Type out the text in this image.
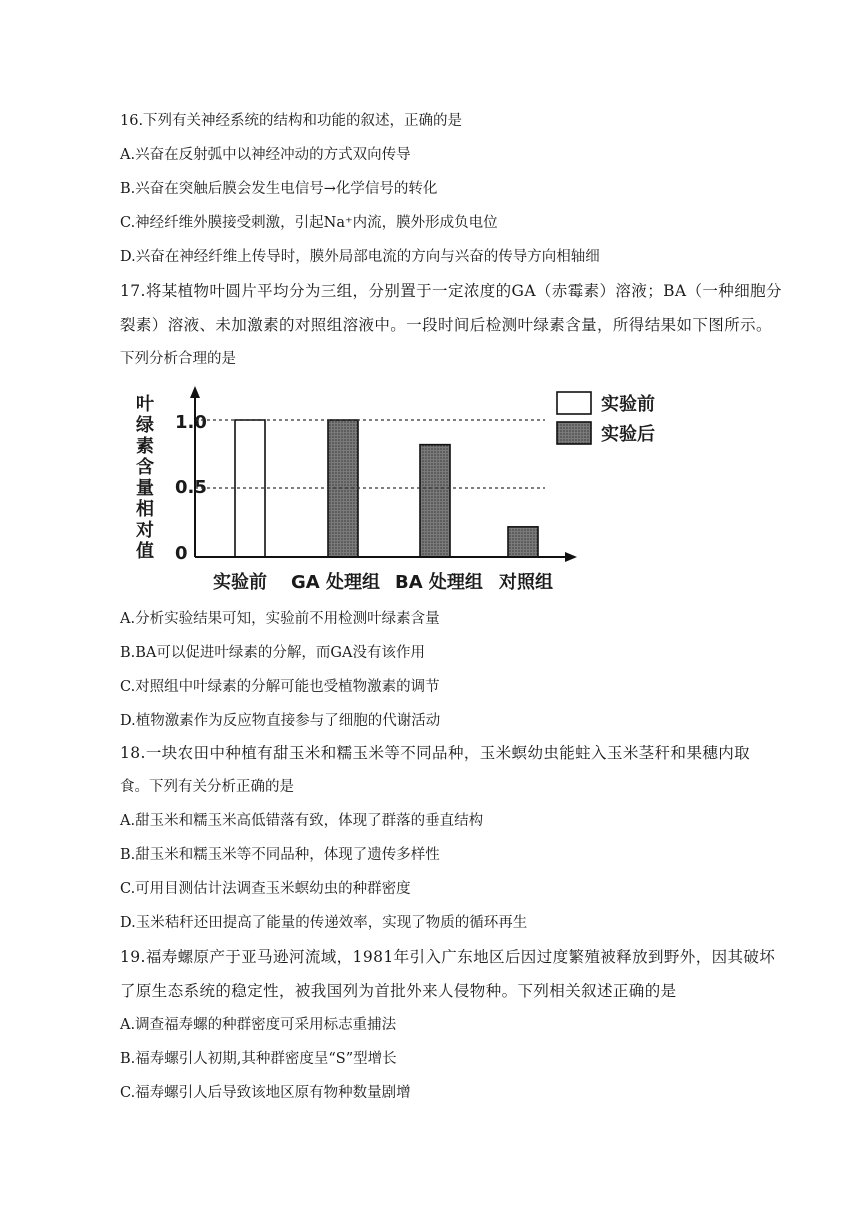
16.下列有关神经系统的结构和功能的叙述，正确的是

A.兴奋在反射弧中以神经冲动的方式双向传导

B.兴奋在突触后膜会发生电信号→化学信号的转化

C.神经纤维外膜接受刺激，引起Na⁺内流，膜外形成负电位

D.兴奋在神经纤维上传导时，膜外局部电流的方向与兴奋的传导方向相轴细

17.将某植物叶圆片平均分为三组，分别置于一定浓度的GA（赤霉素）溶液；BA（一种细胞分

裂素）溶液、未加激素的对照组溶液中。一段时间后检测叶绿素含量，所得结果如下图所示。

下列分析合理的是

叶
绿
素
含
量
相
对
值
1.0
0.5
0
实验前
实验后
实验前 GA 处理组 BA 处理组 对照组

A.分析实验结果可知，实验前不用检测叶绿素含量

B.BA可以促进叶绿素的分解，而GA没有该作用

C.对照组中叶绿素的分解可能也受植物激素的调节

D.植物激素作为反应物直接参与了细胞的代谢活动

18.一块农田中种植有甜玉米和糯玉米等不同品种，玉米螟幼虫能蛀入玉米茎秆和果穗内取

食。下列有关分析正确的是

A.甜玉米和糯玉米高低错落有致，体现了群落的垂直结构

B.甜玉米和糯玉米等不同品种，体现了遗传多样性

C.可用目测估计法调查玉米螟幼虫的种群密度

D.玉米秸秆还田提高了能量的传递效率，实现了物质的循环再生

19.福寿螺原产于亚马逊河流域，1981年引入广东地区后因过度繁殖被释放到野外，因其破坏

了原生态系统的稳定性，被我国列为首批外来人侵物种。下列相关叙述正确的是

A.调查福寿螺的种群密度可采用标志重捕法

B.福寿螺引人初期,其种群密度呈“S”型增长

C.福寿螺引人后导致该地区原有物种数量剧增
